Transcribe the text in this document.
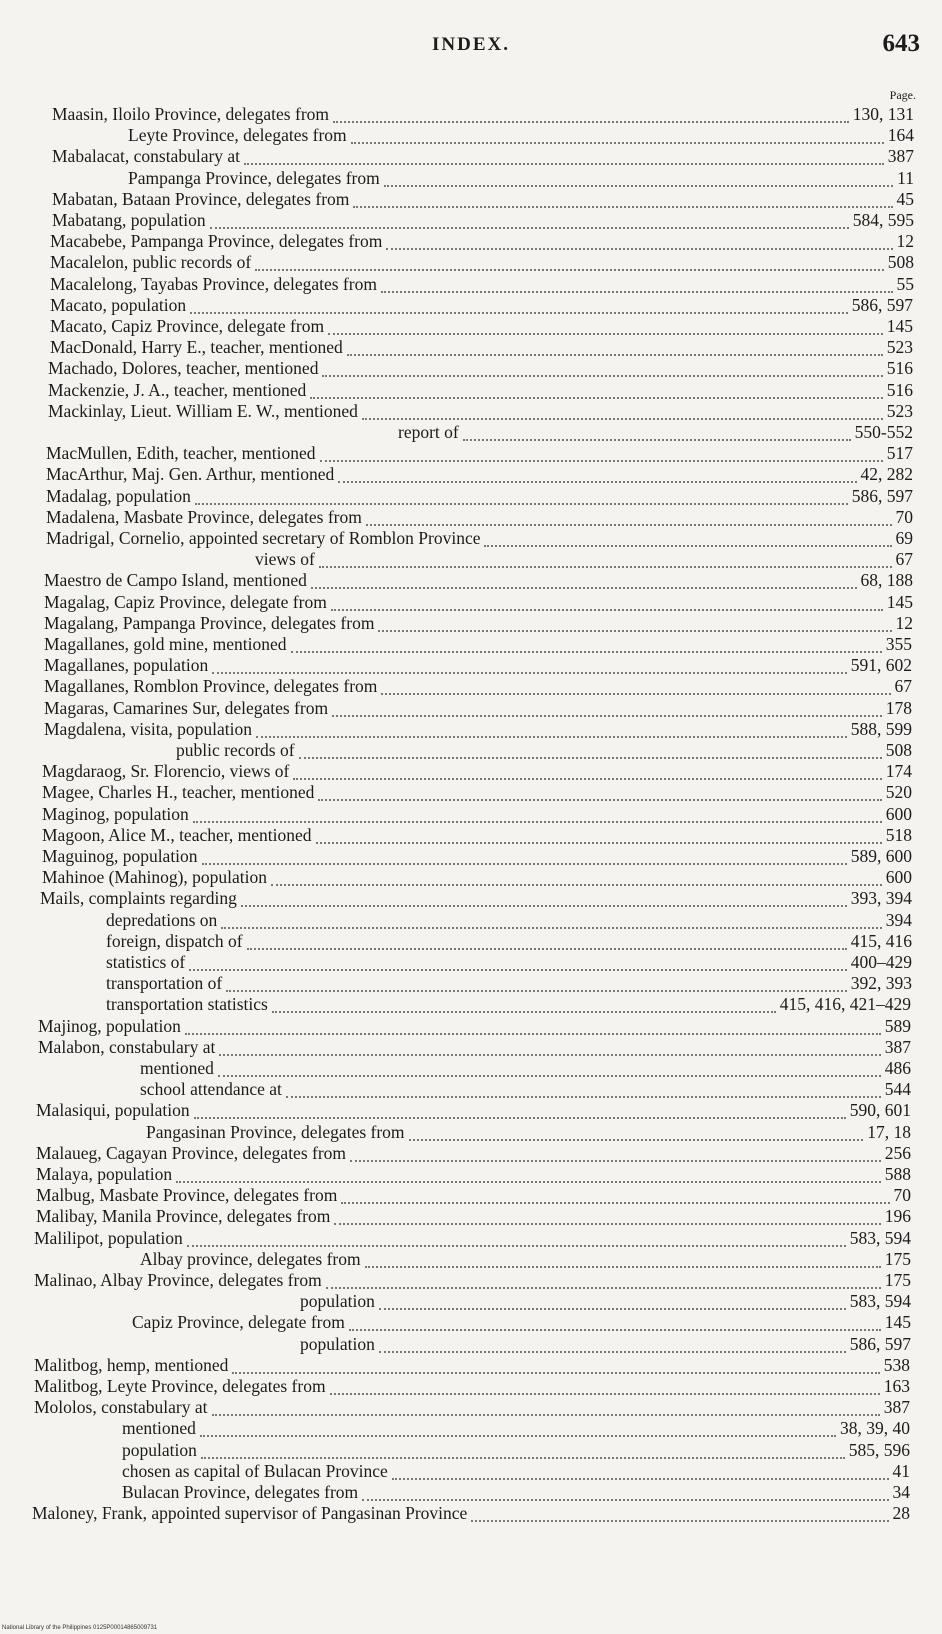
INDEX.	643
Page.
Maasin, Iloilo Province, delegates from	130, 131
Leyte Province, delegates from	164
Mabalacat, constabulary at	387
Pampanga Province, delegates from	11
Mabatan, Bataan Province, delegates from	45
Mabatang, population	584, 595
Macabebe, Pampanga Province, delegates from	12
Macalelon, public records of	508
Macalelong, Tayabas Province, delegates from	55
Macato, population	586, 597
Macato, Capiz Province, delegate from	145
MacDonald, Harry E., teacher, mentioned	523
Machado, Dolores, teacher, mentioned	516
Mackenzie, J. A., teacher, mentioned	516
Mackinlay, Lieut. William E. W., mentioned	523
report of	550-552
MacMullen, Edith, teacher, mentioned	517
MacArthur, Maj. Gen. Arthur, mentioned	42, 282
Madalag, population	586, 597
Madalena, Masbate Province, delegates from	70
Madrigal, Cornelio, appointed secretary of Romblon Province	69
views of	67
Maestro de Campo Island, mentioned	68, 188
Magalag, Capiz Province, delegate from	145
Magalang, Pampanga Province, delegates from	12
Magallanes, gold mine, mentioned	355
Magallanes, population	591, 602
Magallanes, Romblon Province, delegates from	67
Magaras, Camarines Sur, delegates from	178
Magdalena, visita, population	588, 599
public records of	508
Magdaraog, Sr. Florencio, views of	174
Magee, Charles H., teacher, mentioned	520
Maginog, population	600
Magoon, Alice M., teacher, mentioned	518
Maguinog, population	589, 600
Mahinoe (Mahinog), population	600
Mails, complaints regarding	393, 394
depredations on	394
foreign, dispatch of	415, 416
statistics of	400–429
transportation of	392, 393
transportation statistics	415, 416, 421–429
Majinog, population	589
Malabon, constabulary at	387
mentioned	486
school attendance at	544
Malasiqui, population	590, 601
Pangasinan Province, delegates from	17, 18
Malaueg, Cagayan Province, delegates from	256
Malaya, population	588
Malbug, Masbate Province, delegates from	70
Malibay, Manila Province, delegates from	196
Malilipot, population	583, 594
Albay province, delegates from	175
Malinao, Albay Province, delegates from	175
population	583, 594
Capiz Province, delegate from	145
population	586, 597
Malitbog, hemp, mentioned	538
Malitbog, Leyte Province, delegates from	163
Mololos, constabulary at	387
mentioned	38, 39, 40
population	585, 596
chosen as capital of Bulacan Province	41
Bulacan Province, delegates from	34
Maloney, Frank, appointed supervisor of Pangasinan Province	28
National Library of the Philippines 0125P00014865009731
